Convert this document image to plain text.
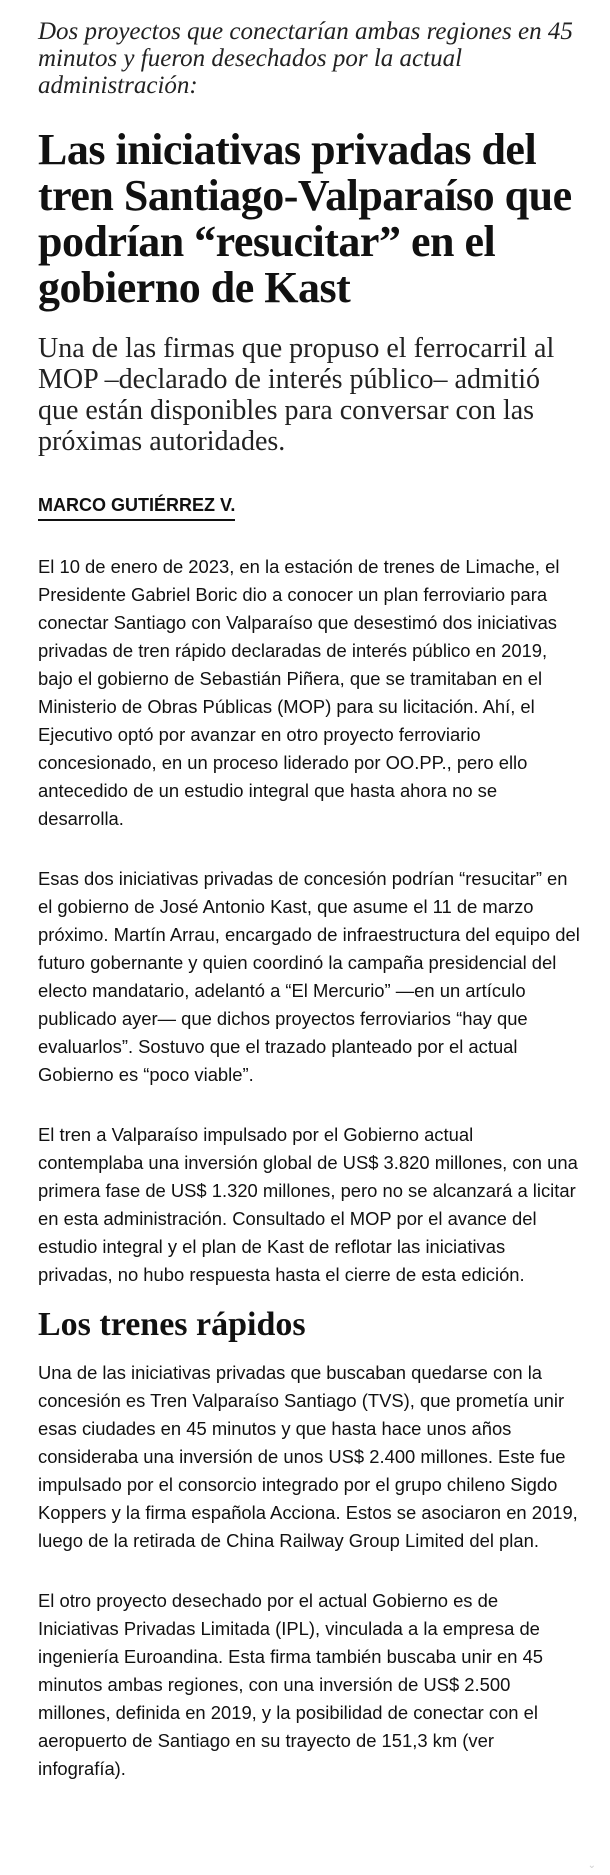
Dos proyectos que conectarían ambas regiones en 45 minutos y fueron desechados por la actual administración:

Las iniciativas privadas del tren Santiago-Valparaíso que podrían “resucitar” en el gobierno de Kast

Una de las firmas que propuso el ferrocarril al MOP –declarado de interés público– admitió que están disponibles para conversar con las próximas autoridades.

MARCO GUTIÉRREZ V.

El 10 de enero de 2023, en la estación de trenes de Limache, el Presidente Gabriel Boric dio a conocer un plan ferroviario para conectar Santiago con Valparaíso que desestimó dos iniciativas privadas de tren rápido declaradas de interés público en 2019, bajo el gobierno de Sebastián Piñera, que se tramitaban en el Ministerio de Obras Públicas (MOP) para su licitación. Ahí, el Ejecutivo optó por avanzar en otro proyecto ferroviario concesionado, en un proceso liderado por OO.PP., pero ello antecedido de un estudio integral que hasta ahora no se desarrolla.

Esas dos iniciativas privadas de concesión podrían “resucitar” en el gobierno de José Antonio Kast, que asume el 11 de marzo próximo. Martín Arrau, encargado de infraestructura del equipo del futuro gobernante y quien coordinó la campaña presidencial del electo mandatario, adelantó a “El Mercurio” —en un artículo publicado ayer— que dichos proyectos ferroviarios “hay que evaluarlos”. Sostuvo que el trazado planteado por el actual Gobierno es “poco viable”.

El tren a Valparaíso impulsado por el Gobierno actual contemplaba una inversión global de US$ 3.820 millones, con una primera fase de US$ 1.320 millones, pero no se alcanzará a licitar en esta administración. Consultado el MOP por el avance del estudio integral y el plan de Kast de reflotar las iniciativas privadas, no hubo respuesta hasta el cierre de esta edición.

Los trenes rápidos

Una de las iniciativas privadas que buscaban quedarse con la concesión es Tren Valparaíso Santiago (TVS), que prometía unir esas ciudades en 45 minutos y que hasta hace unos años consideraba una inversión de unos US$ 2.400 millones. Este fue impulsado por el consorcio integrado por el grupo chileno Sigdo Koppers y la firma española Acciona. Estos se asociaron en 2019, luego de la retirada de China Railway Group Limited del plan.

El otro proyecto desechado por el actual Gobierno es de Iniciativas Privadas Limitada (IPL), vinculada a la empresa de ingeniería Euroandina. Esta firma también buscaba unir en 45 minutos ambas regiones, con una inversión de US$ 2.500 millones, definida en 2019, y la posibilidad de conectar con el aeropuerto de Santiago en su trayecto de 151,3 km (ver infografía).

⌄
